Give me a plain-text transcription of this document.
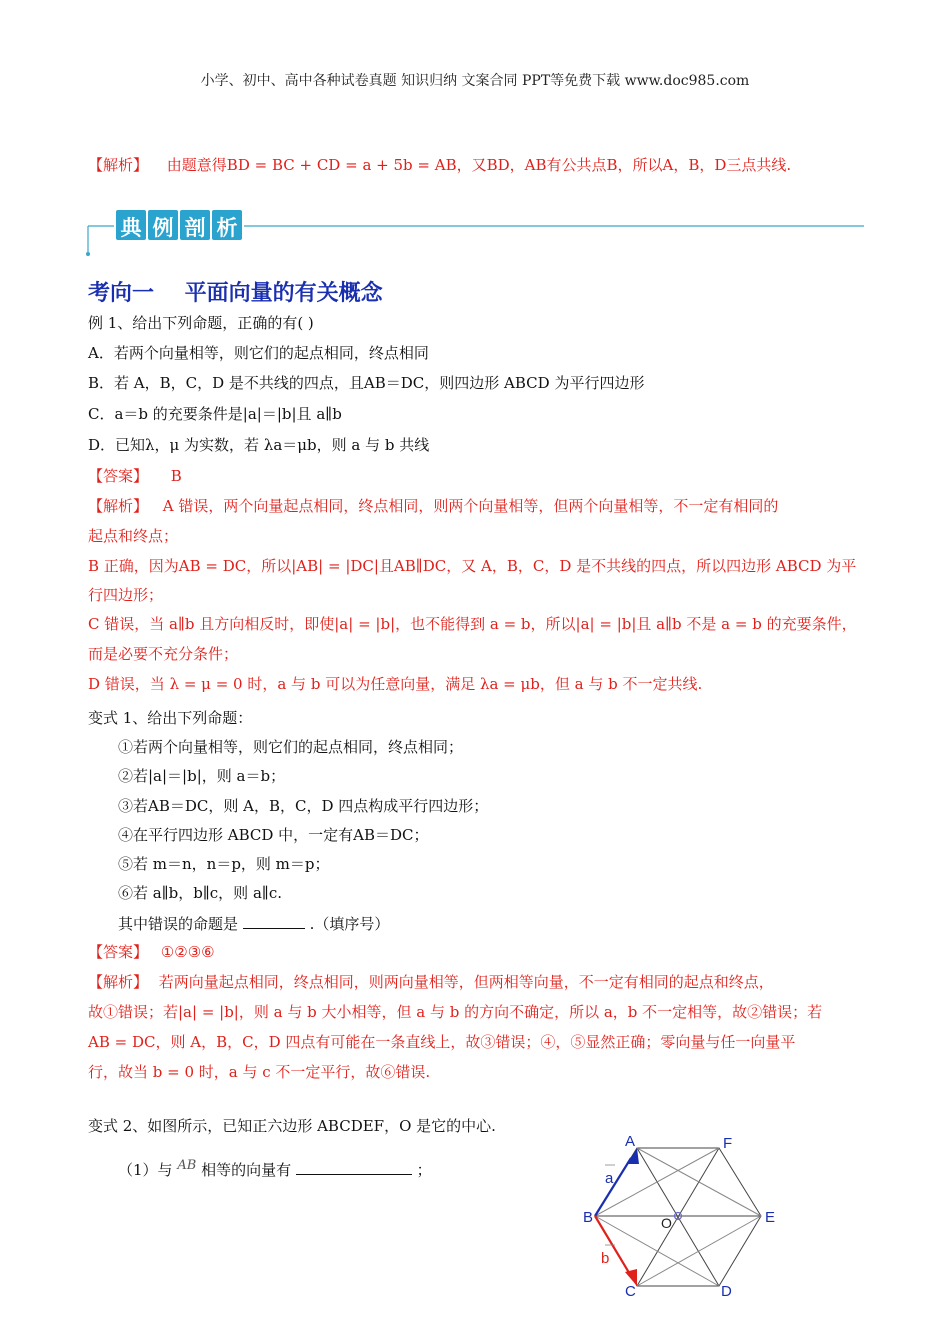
小学、初中、高中各种试卷真题 知识归纳 文案合同 PPT等免费下载 www.doc985.com
【解析】 由题意得BD = BC + CD = a + 5b = AB，又BD，AB有公共点B，所以A，B，D三点共线.
典 例 剖 析
考向一    平面向量的有关概念
例 1、给出下列命题，正确的有( )
A．若两个向量相等，则它们的起点相同，终点相同
B．若 A，B，C，D 是不共线的四点，且AB＝DC，则四边形 ABCD 为平行四边形
C．a＝b 的充要条件是|a|＝|b|且 a∥b
D．已知λ，μ 为实数，若 λa＝μb，则 a 与 b 共线
【答案】 B
【解析】 A 错误，两个向量起点相同，终点相同，则两个向量相等，但两个向量相等，不一定有相同的
起点和终点；
B 正确，因为AB = DC，所以|AB| = |DC|且AB∥DC，又 A，B，C，D 是不共线的四点，所以四边形 ABCD 为平
行四边形；
C 错误，当 a∥b 且方向相反时，即使|a| = |b|，也不能得到 a = b，所以|a| = |b|且 a∥b 不是 a = b 的充要条件，
而是必要不充分条件；
D 错误，当 λ = μ = 0 时，a 与 b 可以为任意向量，满足 λa = μb，但 a 与 b 不一定共线.
变式 1、给出下列命题：
①若两个向量相等，则它们的起点相同，终点相同；
②若|a|＝|b|，则 a＝b；
③若AB＝DC，则 A，B，C，D 四点构成平行四边形；
④在平行四边形 ABCD 中，一定有AB＝DC；
⑤若 m＝n，n＝p，则 m＝p；
⑥若 a∥b，b∥c，则 a∥c.
其中错误的命题是	.（填序号）
【答案】 ①②③⑥
【解析】 若两向量起点相同，终点相同，则两向量相等，但两相等向量，不一定有相同的起点和终点，
故①错误；若|a| = |b|，则 a 与 b 大小相等，但 a 与 b 的方向不确定，所以 a，b 不一定相等，故②错误；若
AB = DC，则 A，B，C，D 四点有可能在一条直线上，故③错误；④，⑤显然正确；零向量与任一向量平
行，故当 b = 0 时，a 与 c 不一定平行，故⑥错误.
变式 2、如图所示，已知正六边形 ABCDEF，O 是它的中心.
（1）与 AB 相等的向量有	；
A	F
B	E
O
C	D
a
b
